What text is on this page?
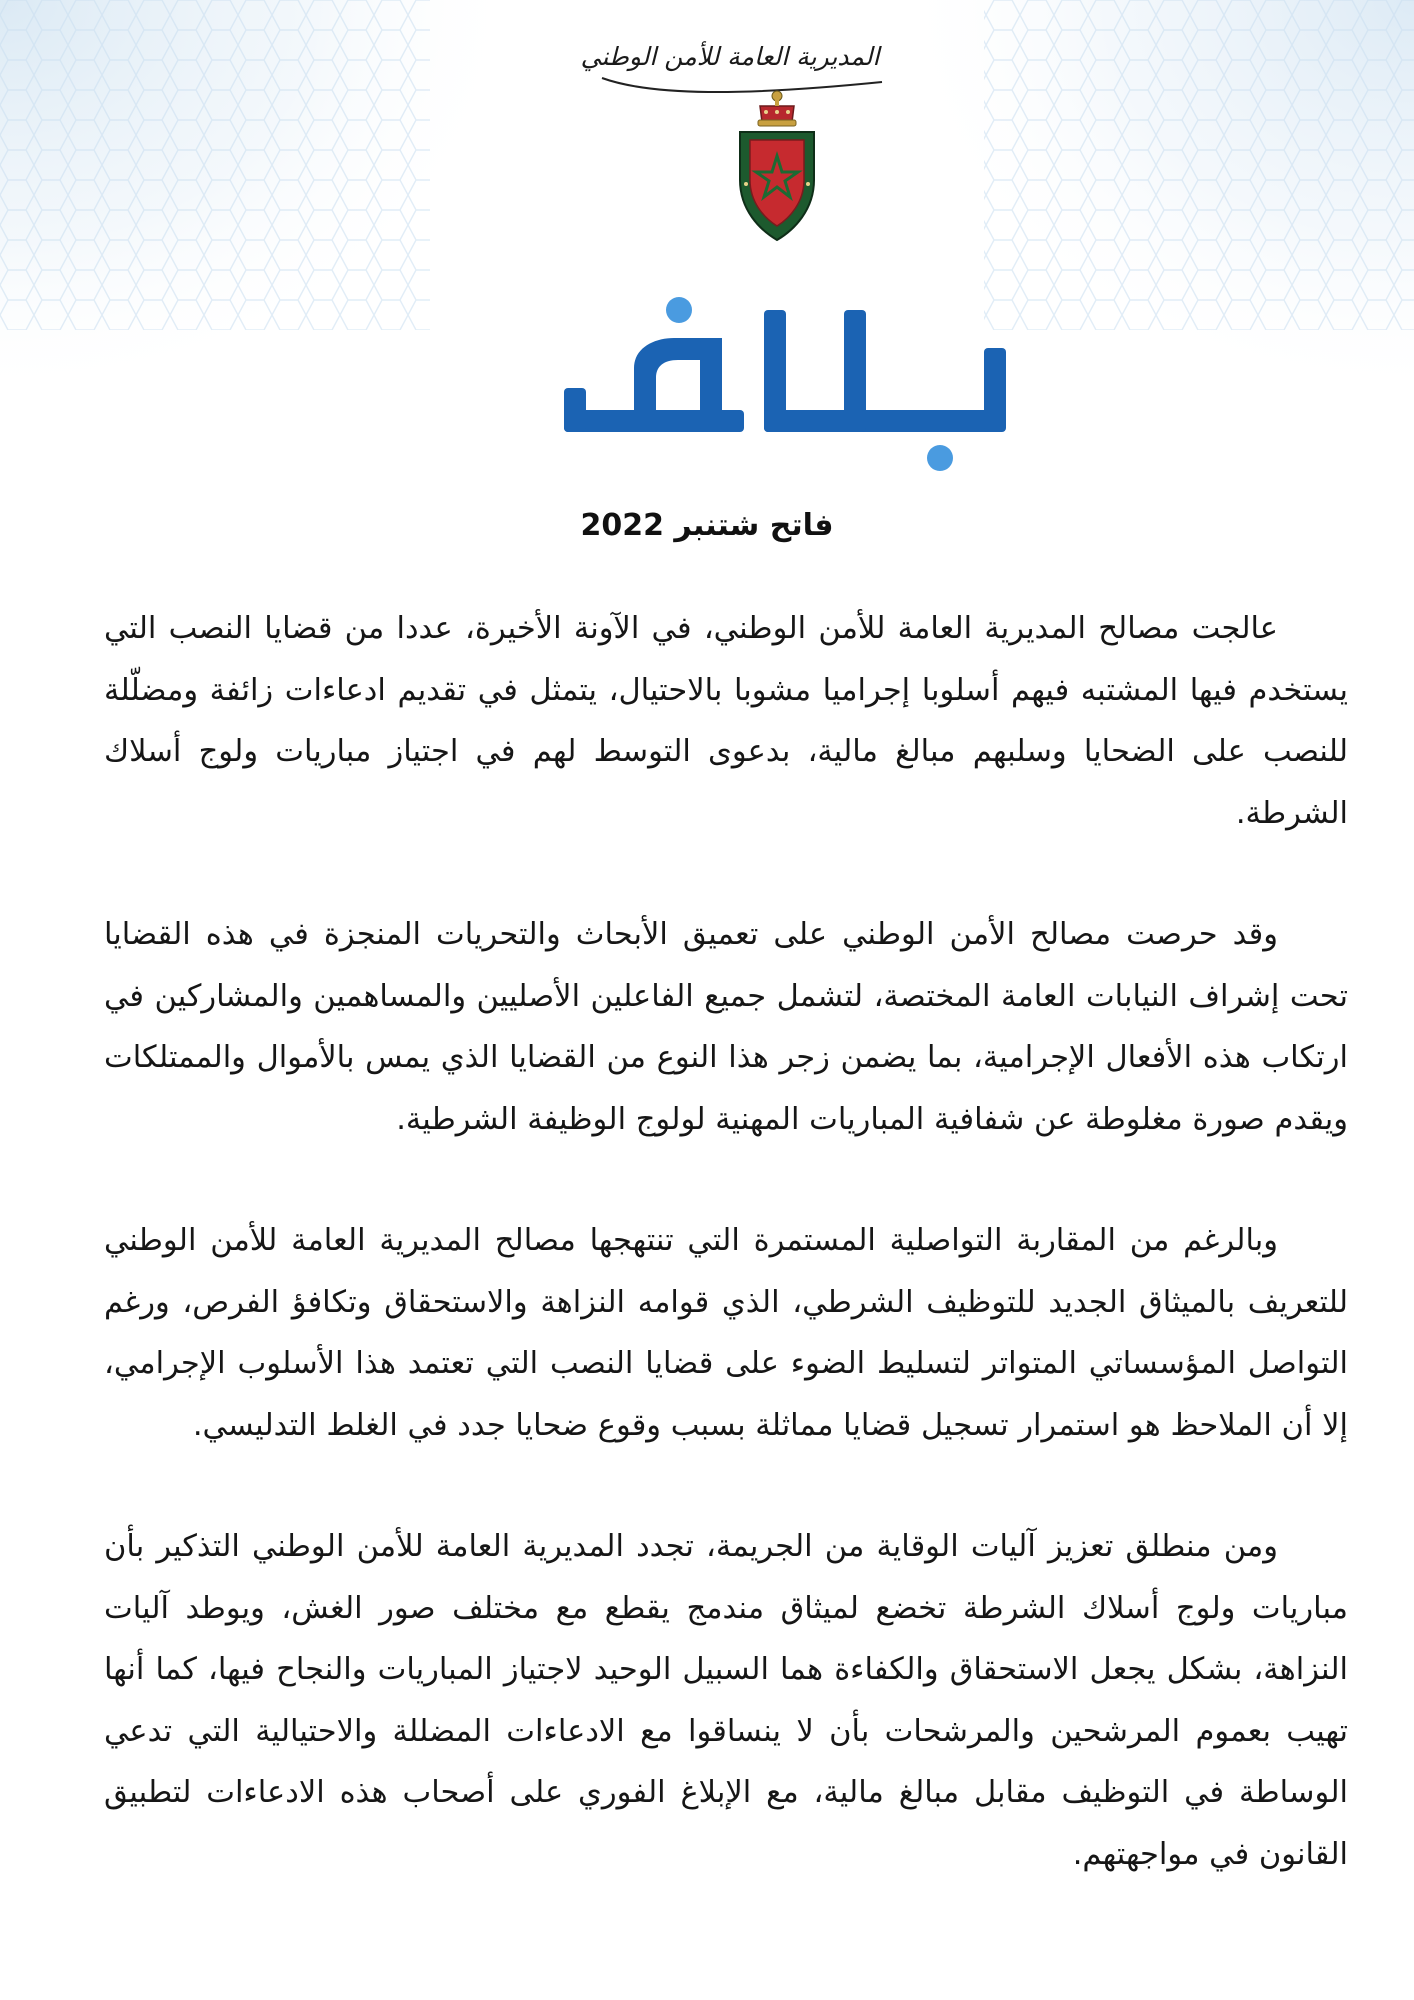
المديرية العامة للأمن الوطني
فاتح شتنبر 2022

عالجت مصالح المديرية العامة للأمن الوطني، في الآونة الأخيرة، عددا من قضايا النصب التي يستخدم فيها المشتبه فيهم أسلوبا إجراميا مشوبا بالاحتيال، يتمثل في تقديم ادعاءات زائفة ومضلّلة للنصب على الضحايا وسلبهم مبالغ مالية، بدعوى التوسط لهم في اجتياز مباريات ولوج أسلاك الشرطة.

وقد حرصت مصالح الأمن الوطني على تعميق الأبحاث والتحريات المنجزة في هذه القضايا تحت إشراف النيابات العامة المختصة، لتشمل جميع الفاعلين الأصليين والمساهمين والمشاركين في ارتكاب هذه الأفعال الإجرامية، بما يضمن زجر هذا النوع من القضايا الذي يمس بالأموال والممتلكات ويقدم صورة مغلوطة عن شفافية المباريات المهنية لولوج الوظيفة الشرطية.

وبالرغم من المقاربة التواصلية المستمرة التي تنتهجها مصالح المديرية العامة للأمن الوطني للتعريف بالميثاق الجديد للتوظيف الشرطي، الذي قوامه النزاهة والاستحقاق وتكافؤ الفرص، ورغم التواصل المؤسساتي المتواتر لتسليط الضوء على قضايا النصب التي تعتمد هذا الأسلوب الإجرامي، إلا أن الملاحظ هو استمرار تسجيل قضايا مماثلة بسبب وقوع ضحايا جدد في الغلط التدليسي.

ومن منطلق تعزيز آليات الوقاية من الجريمة، تجدد المديرية العامة للأمن الوطني التذكير بأن مباريات ولوج أسلاك الشرطة تخضع لميثاق مندمج يقطع مع مختلف صور الغش، ويوطد آليات النزاهة، بشكل يجعل الاستحقاق والكفاءة هما السبيل الوحيد لاجتياز المباريات والنجاح فيها، كما أنها تهيب بعموم المرشحين والمرشحات بأن لا ينساقوا مع الادعاءات المضللة والاحتيالية التي تدعي الوساطة في التوظيف مقابل مبالغ مالية، مع الإبلاغ الفوري على أصحاب هذه الادعاءات لتطبيق القانون في مواجهتهم.
